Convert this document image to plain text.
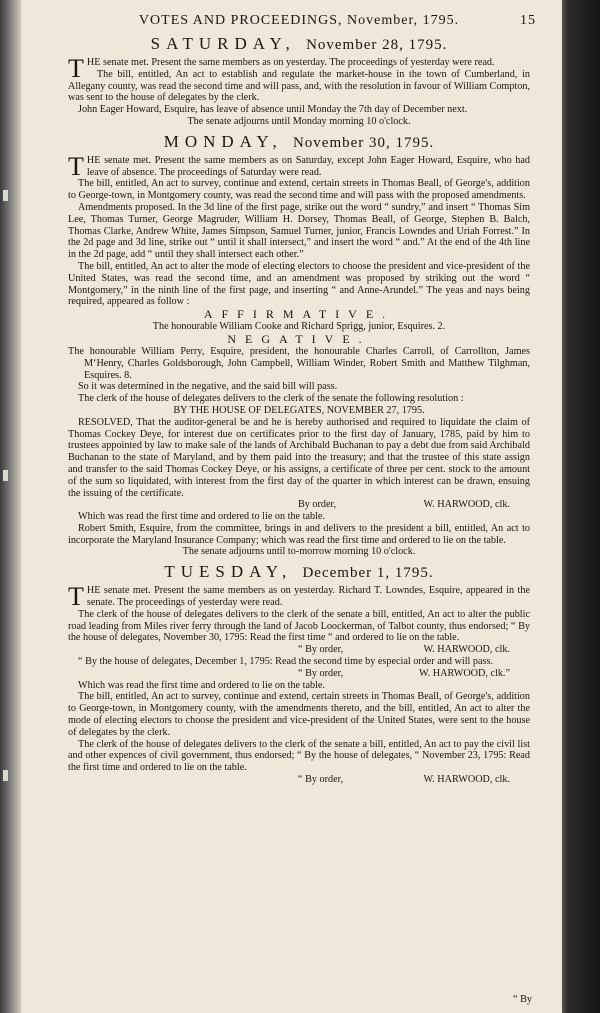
VOTES AND PROCEEDINGS, November, 1795.	15
SATURDAY, November 28, 1795.

THE senate met. Present the same members as on yesterday. The proceedings of yesterday were read.

The bill, entitled, An act to establish and regulate the market-house in the town of Cumberland, in Allegany county, was read the second time and will pass, and, with the resolution in favour of William Compton, was sent to the house of delegates by the clerk.

John Eager Howard, Esquire, has leave of absence until Monday the 7th day of December next.

The senate adjourns until Monday morning 10 o'clock.

MONDAY, November 30, 1795.

THE senate met. Present the same members as on Saturday, except John Eager Howard, Esquire, who had leave of absence. The proceedings of Saturday were read.

The bill, entitled, An act to survey, continue and extend, certain streets in Thomas Beall, of George's, addition to George-town, in Montgomery county, was read the second time and will pass with the proposed amendments.

Amendments proposed. In the 3d line of the first page, strike out the word “ sundry,” and insert “ Thomas Sim Lee, Thomas Turner, George Magruder, William H. Dorsey, Thomas Beall, of George, Stephen B. Balch, Thomas Clarke, Andrew White, James Simpson, Samuel Turner, junior, Francis Lowndes and Uriah Forrest.” In the 2d page and 3d line, strike out “ until it shall intersect,” and insert the word “ and.” At the end of the 4th line in the 2d page, add “ until they shall intersect each other.”

The bill, entitled, An act to alter the mode of electing electors to choose the president and vice-president of the United States, was read the second time, and an amendment was proposed by striking out the word “ Montgomery,” in the ninth line of the first page, and inserting “ and Anne-Arundel.” The yeas and nays being required, appeared as follow :

AFFIRMATIVE.

The honourable William Cooke and Richard Sprigg, junior, Esquires. 2.

NEGATIVE.

The honourable William Perry, Esquire, president, the honourable Charles Carroll, of Carrollton, James M‘Henry, Charles Goldsborough, John Campbell, William Winder, Robert Smith and Matthew Tilghman, Esquires. 8.

So it was determined in the negative, and the said bill will pass.

The clerk of the house of delegates delivers to the clerk of the senate the following resolution :

BY THE HOUSE OF DELEGATES, NOVEMBER 27, 1795.

RESOLVED, That the auditor-general be and he is hereby authorised and required to liquidate the claim of Thomas Cockey Deye, for interest due on certificates prior to the first day of January, 1785, paid by him to trustees appointed by law to make sale of the lands of Archibald Buchanan to pay a debt due from said Archibald Buchanan to the state of Maryland, and by them paid into the treasury; and that the trustee of this state assign and transfer to the said Thomas Cockey Deye, or his assigns, a certificate of three per cent. stock to the amount of the sum so liquidated, with interest from the first day of the quarter in which interest can be drawn, ensuing the issuing of the certificate.

By order,	W. HARWOOD, clk.

Which was read the first time and ordered to lie on the table.

Robert Smith, Esquire, from the committee, brings in and delivers to the president a bill, entitled, An act to incorporate the Maryland Insurance Company; which was read the first time and ordered to lie on the table.

The senate adjourns until to-morrow morning 10 o'clock.

TUESDAY, December 1, 1795.

THE senate met. Present the same members as on yesterday. Richard T. Lowndes, Esquire, appeared in the senate. The proceedings of yesterday were read.

The clerk of the house of delegates delivers to the clerk of the senate a bill, entitled, An act to alter the public road leading from Miles river ferry through the land of Jacob Loockerman, of Talbot county, thus endorsed; “ By the house of delegates, November 30, 1795: Read the first time “ and ordered to lie on the table.

“ By order,	W. HARWOOD, clk.

“ By the house of delegates, December 1, 1795: Read the second time by especial order and will pass.

“ By order,	W. HARWOOD, clk.”

Which was read the first time and ordered to lie on the table.

The bill, entitled, An act to survey, continue and extend, certain streets in Thomas Beall, of George's, addition to George-town, in Montgomery county, with the amendments thereto, and the bill, entitled, An act to alter the mode of electing electors to choose the president and vice-president of the United States, were sent to the house of delegates by the clerk.

The clerk of the house of delegates delivers to the clerk of the senate a bill, entitled, An act to pay the civil list and other expences of civil government, thus endorsed; “ By the house of delegates, “ November 23, 1795: Read the first time and ordered to lie on the table.

“ By order,	W. HARWOOD, clk.
“ By
